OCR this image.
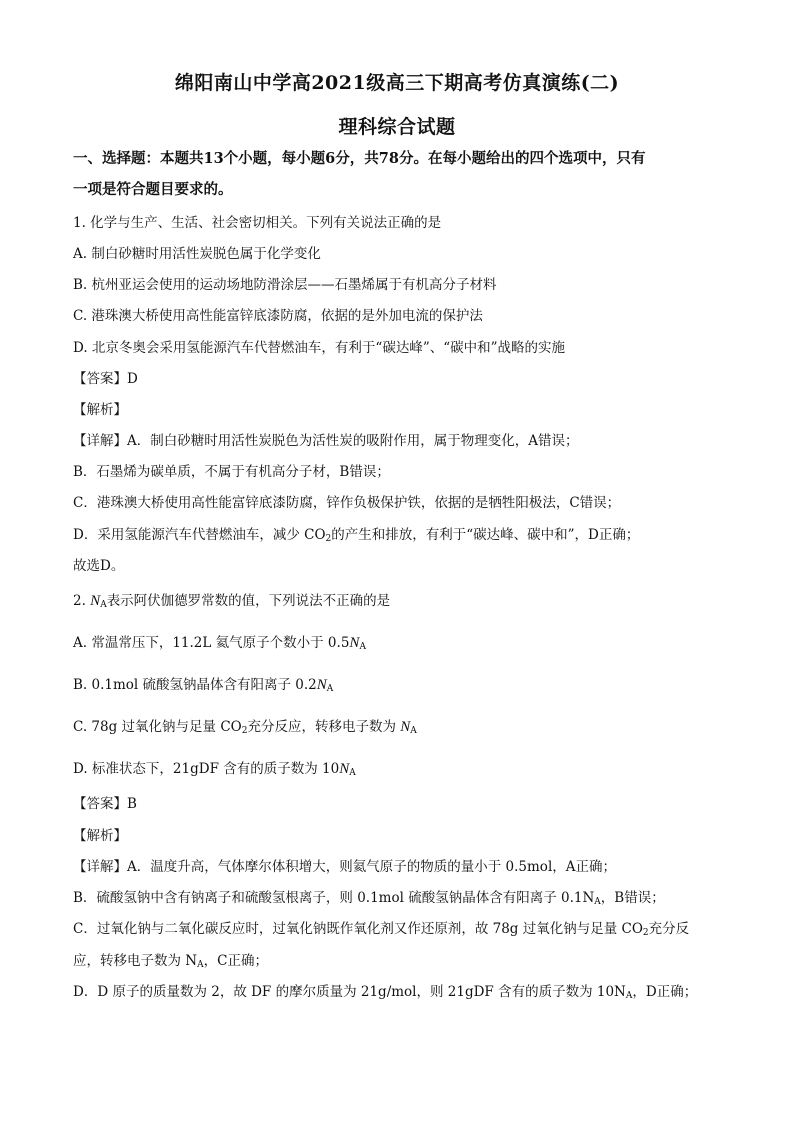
绵阳南山中学高2021级高三下期高考仿真演练(二)
理科综合试题
一、选择题：本题共13个小题，每小题6分，共78分。在每小题给出的四个选项中，只有
一项是符合题目要求的。
1. 化学与生产、生活、社会密切相关。下列有关说法正确的是
A. 制白砂糖时用活性炭脱色属于化学变化
B. 杭州亚运会使用的运动场地防滑涂层——石墨烯属于有机高分子材料
C. 港珠澳大桥使用高性能富锌底漆防腐，依据的是外加电流的保护法
D. 北京冬奥会采用氢能源汽车代替燃油车，有利于“碳达峰”、“碳中和”战略的实施
【答案】D
【解析】
【详解】A．制白砂糖时用活性炭脱色为活性炭的吸附作用，属于物理变化，A错误；
B．石墨烯为碳单质，不属于有机高分子材，B错误；
C．港珠澳大桥使用高性能富锌底漆防腐，锌作负极保护铁，依据的是牺牲阳极法，C错误；
D．采用氢能源汽车代替燃油车，减少 $CO_2$的产生和排放，有利于“碳达峰、碳中和”，D正确；
故选D。
2. $N_A$表示阿伏伽德罗常数的值，下列说法不正确的是
A. 常温常压下，11.2L 氦气原子个数小于 $0.5N_A$
B. 0.1mol 硫酸氢钠晶体含有阳离子 $0.2N_A$
C. 78g 过氧化钠与足量 $CO_2$充分反应，转移电子数为 $N_A$
D. 标准状态下，21gDF 含有的质子数为 $10N_A$
【答案】B
【解析】
【详解】A．温度升高，气体摩尔体积增大，则氦气原子的物质的量小于 0.5mol，A正确；
B．硫酸氢钠中含有钠离子和硫酸氢根离子，则 0.1mol 硫酸氢钠晶体含有阳离子 $0.1N_A$，B错误；
C．过氧化钠与二氧化碳反应时，过氧化钠既作氧化剂又作还原剂，故 78g 过氧化钠与足量 $CO_2$充分反
应，转移电子数为 $N_A$，C正确；
D．D 原子的质量数为 2，故 DF 的摩尔质量为 21g/mol，则 21gDF 含有的质子数为 $10N_A$，D正确；
